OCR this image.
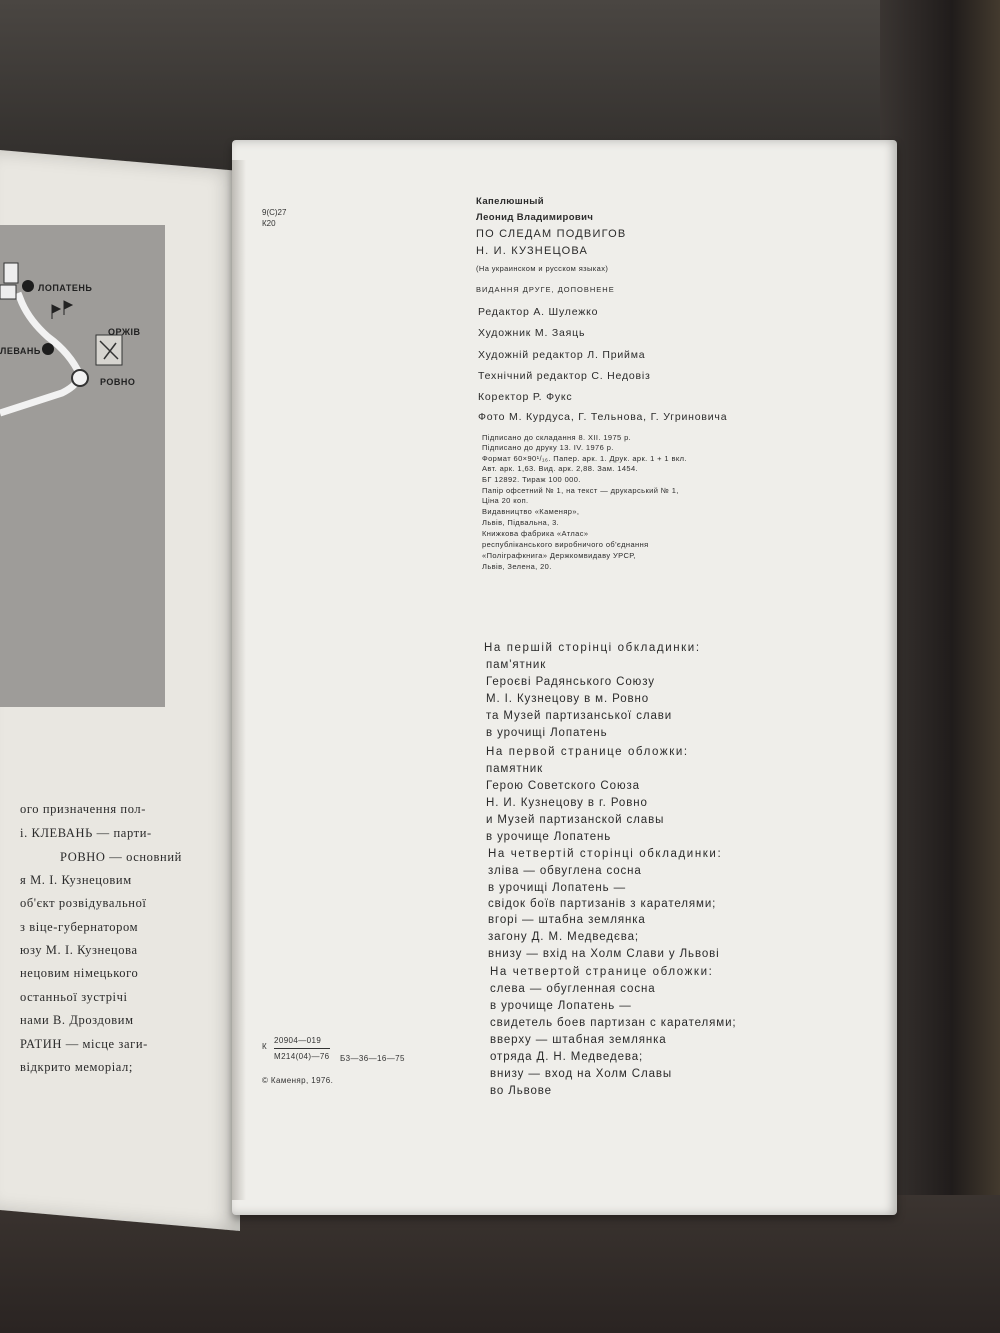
ЛОПАТЕНЬ
ОРЖІВ
ЛЕВАНЬ
РОВНО
ого призначення пол-
і. КЛЕВАНЬ — парти-
РОВНО — основний
я М. І. Кузнецовим
об'єкт розвідувальної
з віце-губернатором
юзу М. І. Кузнецова
нецовим німецького
останньої зустрічі
нами В. Дроздовим
РАТИН — місце заги-
відкрито меморіал;
9(С)27
К20
Капелюшный
Леонид Владимирович
ПО СЛЕДАМ ПОДВИГОВ
Н. И. КУЗНЕЦОВА
(На украинском и русском языках)
ВИДАННЯ ДРУГЕ, ДОПОВНЕНЕ
Редактор А. Шулежко
Художник М. Заяць
Художній редактор Л. Прийма
Технічний редактор С. Недовіз
Коректор Р. Фукс
Фото М. Курдуса, Г. Тельнова, Г. Угриновича
Підписано до складання 8. XII. 1975 р.
Підписано до друку 13. IV. 1976 р.
Формат 60×90¹/₁₆. Папер. арк. 1. Друк. арк. 1 + 1 вкл.
Авт. арк. 1,63. Вид. арк. 2,88. Зам. 1454.
БГ 12892. Тираж 100 000.
Папір офсетний № 1, на текст — друкарський № 1,
Ціна 20 коп.
Видавництво «Каменяр»,
Львів, Підвальна, 3.
Книжкова фабрика «Атлас»
республіканського виробничого об'єднання
«Поліграфкнига» Держкомвидаву УРСР,
Львів, Зелена, 20.
На першій сторінці обкладинки:
пам'ятник
Героєві Радянського Союзу
М. І. Кузнецову в м. Ровно
та Музей партизанської слави
в урочищі Лопатень
На первой странице обложки:
памятник
Герою Советского Союза
Н. И. Кузнецову в г. Ровно
и Музей партизанской славы
в урочище Лопатень
На четвертій сторінці обкладинки:
зліва — обвуглена сосна
в урочищі Лопатень —
свідок боїв партизанів з карателями;
вгорі — штабна землянка
загону Д. М. Медведєва;
внизу — вхід на Холм Слави у Львові
На четвертой странице обложки:
слева — обугленная сосна
в урочище Лопатень —
свидетель боев партизан с карателями;
вверху — штабная землянка
отряда Д. Н. Медведева;
внизу — вход на Холм Славы
во Львове
К
20904—019
М214(04)—76 Б3—36—16—75
© Каменяр, 1976.
